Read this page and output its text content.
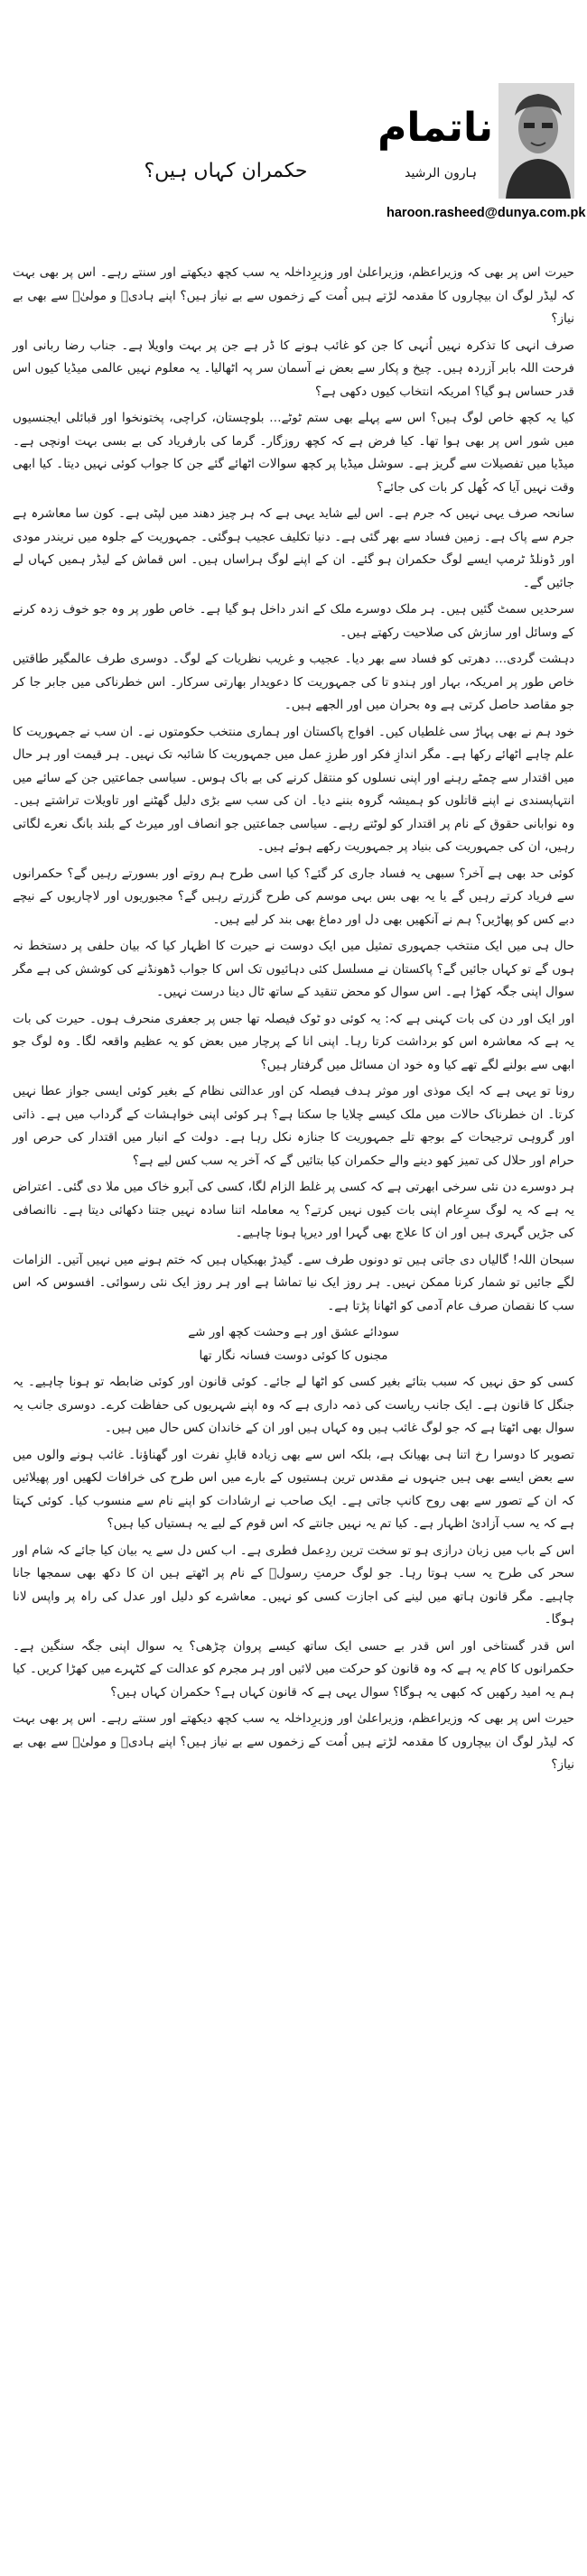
ناتمام
ہارون الرشید
haroon.rasheed@dunya.com.pk
حکمران کہاں ہیں؟

حیرت اس پر بھی کہ وزیراعظم، وزیراعلیٰ اور وزیرِداخلہ یہ سب کچھ دیکھتے اور سنتے رہے۔ اس پر بھی بہت کہ لیڈر لوگ ان بیچاروں کا مقدمہ لڑتے ہیں اُمت کے زخموں سے بے نیاز ہیں؟ اپنے ہادیؐ و مولیٰؐ سے بھی بے نیاز؟

صرف انہی کا تذکرہ نہیں اُنہی کا جن کو غائب ہونے کا ڈر ہے جن پر بہت واویلا ہے۔ جناب رضا ربانی اور فرحت اللہ بابر آزردہ ہیں۔ چیخ و پکار سے بعض نے آسمان سر پہ اٹھالیا۔ یہ معلوم نہیں عالمی میڈیا کیوں اس قدر حساس ہو گیا؟ امریکہ انتخاب کیوں دکھی ہے؟

کیا یہ کچھ خاص لوگ ہیں؟ اس سے پہلے بھی ستم ٹوٹے… بلوچستان، کراچی، پختونخوا اور قبائلی ایجنسیوں میں شور اس پر بھی ہوا تھا۔ کیا فرض ہے کہ کچھ روزگار۔ گرما کی بارفریاد کی بے بسی بہت اونچی ہے۔ میڈیا میں تفصیلات سے گریز ہے۔ سوشل میڈیا پر کچھ سوالات اٹھائے گئے جن کا جواب کوئی نہیں دیتا۔ کیا ابھی وقت نہیں آیا کہ کُھل کر بات کی جائے؟

سانحہ صرف یہی نہیں کہ جرم ہے۔ اس لیے شاید یہی ہے کہ ہر چیز دھند میں لپٹی ہے۔ کون سا معاشرہ ہے جرم سے پاک ہے۔ زمین فساد سے بھر گئی ہے۔ دنیا تکلیف عجیب ہوگئی۔ جمہوریت کے جلوہ میں نریندر مودی اور ڈونلڈ ٹرمپ ایسے لوگ حکمران ہو گئے۔ ان کے اپنے لوگ ہراساں ہیں۔ اس قماش کے لیڈر ہمیں کہاں لے جائیں گے۔

سرحدیں سمٹ گئیں ہیں۔ ہر ملک دوسرے ملک کے اندر داخل ہو گیا ہے۔ خاص طور پر وہ جو خوف زدہ کرنے کے وسائل اور سازش کی صلاحیت رکھتے ہیں۔

دہشت گردی… دھرتی کو فساد سے بھر دیا۔ عجیب و غریب نظریات کے لوگ۔ دوسری طرف عالمگیر طاقتیں خاص طور پر امریکہ، بہار اور ہندو تا کی جمہوریت کا دعویدار بھارتی سرکار۔ اس خطرناکی میں جابر جا کر جو مقاصد حاصل کرتی ہے وہ بحران میں اور الجھے ہیں۔

خود ہم نے بھی پہاڑ سی غلطیاں کیں۔ افواج پاکستان اور ہماری منتخب حکومتوں نے۔ ان سب نے جمہوریت کا علم چاہے اٹھائے رکھا ہے۔ مگر اندازِ فکر اور طرزِ عمل میں جمہوریت کا شائبہ تک نہیں۔ ہر قیمت اور ہر حال میں اقتدار سے چمٹے رہنے اور اپنی نسلوں کو منتقل کرنے کی بے باک ہوس۔ سیاسی جماعتیں جن کے سائے میں انتہاپسندی نے اپنے قاتلوں کو ہمیشہ گروہ بننے دیا۔ ان کی سب سے بڑی دلیل گھٹنے اور تاویلات تراشتے ہیں۔ وہ نوابانی حقوق کے نام پر اقتدار کو لوٹتے رہے۔ سیاسی جماعتیں جو انصاف اور میرٹ کے بلند بانگ نعرے لگاتی رہیں، ان کی جمہوریت کی بنیاد پر جمہوریت رکھے ہوئے ہیں۔

کوئی حد بھی ہے آخر؟ سبھی یہ فساد جاری کر گئے؟ کیا اسی طرح ہم روتے اور بسورتے رہیں گے؟ حکمرانوں سے فریاد کرتے رہیں گے یا یہ بھی بس بہی موسم کی طرح گزرتے رہیں گے؟ مجبوریوں اور لاچاریوں کے نیچے دبے کس کو پھاڑیں؟ ہم نے آنکھیں بھی دل اور دماغ بھی بند کر لیے ہیں۔

حال ہی میں ایک منتخب جمہوری تمثیل میں ایک دوست نے حیرت کا اظہار کیا کہ بیان حلفی پر دستخط نہ ہوں گے تو کہاں جائیں گے؟ پاکستان نے مسلسل کئی دہائیوں تک اس کا جواب ڈھونڈنے کی کوشش کی ہے مگر سوال اپنی جگہ کھڑا ہے۔ اس سوال کو محض تنقید کے ساتھ ٹال دینا درست نہیں۔

اور ایک اور دن کی بات کہنی ہے کہ: یہ کوئی دو ٹوک فیصلہ تھا جس پر جعفری منحرف ہوں۔ حیرت کی بات یہ ہے کہ معاشرہ اس کو برداشت کرتا رہا۔ اپنی انا کے پرچار میں بعض کو یہ عظیم واقعہ لگا۔ وہ لوگ جو ابھی سے بولنے لگے تھے کیا وہ خود ان مسائل میں گرفتار ہیں؟

رونا تو یہی ہے کہ ایک موذی اور موثر ہدف فیصلہ کن اور عدالتی نظام کے بغیر کوئی ایسی جواز عطا نہیں کرتا۔ ان خطرناک حالات میں ملک کیسے چلایا جا سکتا ہے؟ ہر کوئی اپنی خواہشات کے گرداب میں ہے۔ ذاتی اور گروہی ترجیحات کے بوجھ تلے جمہوریت کا جنازہ نکل رہا ہے۔ دولت کے انبار میں اقتدار کی حرص اور حرام اور حلال کی تمیز کھو دینے والے حکمران کیا بتائیں گے کہ آخر یہ سب کس لیے ہے؟

ہر دوسرے دن نئی سرخی ابھرتی ہے کہ کسی پر غلط الزام لگا، کسی کی آبرو خاک میں ملا دی گئی۔ اعتراض یہ ہے کہ یہ لوگ سرِعام اپنی بات کیوں نہیں کرتے؟ یہ معاملہ اتنا سادہ نہیں جتنا دکھائی دیتا ہے۔ ناانصافی کی جڑیں گہری ہیں اور ان کا علاج بھی گہرا اور دیرپا ہونا چاہیے۔

سبحان اللہ! گالیاں دی جاتی ہیں تو دونوں طرف سے۔ گیدڑ بھبکیاں ہیں کہ ختم ہونے میں نہیں آتیں۔ الزامات لگے جائیں تو شمار کرنا ممکن نہیں۔ ہر روز ایک نیا تماشا ہے اور ہر روز ایک نئی رسوائی۔ افسوس کہ اس سب کا نقصان صرف عام آدمی کو اٹھانا پڑتا ہے۔

سودائے عشق اور ہے وحشت کچھ اور شے
مجنوں کا کوئی دوست فسانہ نگار تھا

کسی کو حق نہیں کہ سبب بتائے بغیر کسی کو اٹھا لے جائے۔ کوئی قانون اور کوئی ضابطہ تو ہونا چاہیے۔ یہ جنگل کا قانون ہے۔ ایک جانب ریاست کی ذمہ داری ہے کہ وہ اپنے شہریوں کی حفاظت کرے۔ دوسری جانب یہ سوال بھی اٹھتا ہے کہ جو لوگ غائب ہیں وہ کہاں ہیں اور ان کے خاندان کس حال میں ہیں۔

تصویر کا دوسرا رخ اتنا ہی بھیانک ہے، بلکہ اس سے بھی زیادہ قابلِ نفرت اور گھناؤنا۔ غائب ہونے والوں میں سے بعض ایسے بھی ہیں جنہوں نے مقدس ترین ہستیوں کے بارے میں اس طرح کی خرافات لکھیں اور پھیلائیں کہ ان کے تصور سے بھی روح کانپ جاتی ہے۔ ایک صاحب نے ارشادات کو اپنے نام سے منسوب کیا۔ کوئی کہتا ہے کہ یہ سب آزادیٔ اظہار ہے۔ کیا تم یہ نہیں جانتے کہ اس قوم کے لیے یہ ہستیاں کیا ہیں؟

اس کے باب میں زبان درازی ہو تو سخت ترین ردِعمل فطری ہے۔ اب کس دل سے یہ بیان کیا جائے کہ شام اور سحر کی طرح یہ سب ہوتا رہا۔ جو لوگ حرمتِ رسولؐ کے نام پر اٹھتے ہیں ان کا دکھ بھی سمجھا جانا چاہیے۔ مگر قانون ہاتھ میں لینے کی اجازت کسی کو نہیں۔ معاشرے کو دلیل اور عدل کی راہ پر واپس لانا ہوگا۔

اس قدر گستاخی اور اس قدر بے حسی ایک ساتھ کیسے پروان چڑھی؟ یہ سوال اپنی جگہ سنگین ہے۔ حکمرانوں کا کام یہ ہے کہ وہ قانون کو حرکت میں لائیں اور ہر مجرم کو عدالت کے کٹہرے میں کھڑا کریں۔ کیا ہم یہ امید رکھیں کہ کبھی یہ ہوگا؟ سوال یہی ہے کہ قانون کہاں ہے؟ حکمران کہاں ہیں؟

حیرت اس پر بھی کہ وزیراعظم، وزیراعلیٰ اور وزیرِداخلہ یہ سب کچھ دیکھتے اور سنتے رہے۔ اس پر بھی بہت کہ لیڈر لوگ ان بیچاروں کا مقدمہ لڑتے ہیں اُمت کے زخموں سے بے نیاز ہیں؟ اپنے ہادیؐ و مولیٰؐ سے بھی بے نیاز؟
